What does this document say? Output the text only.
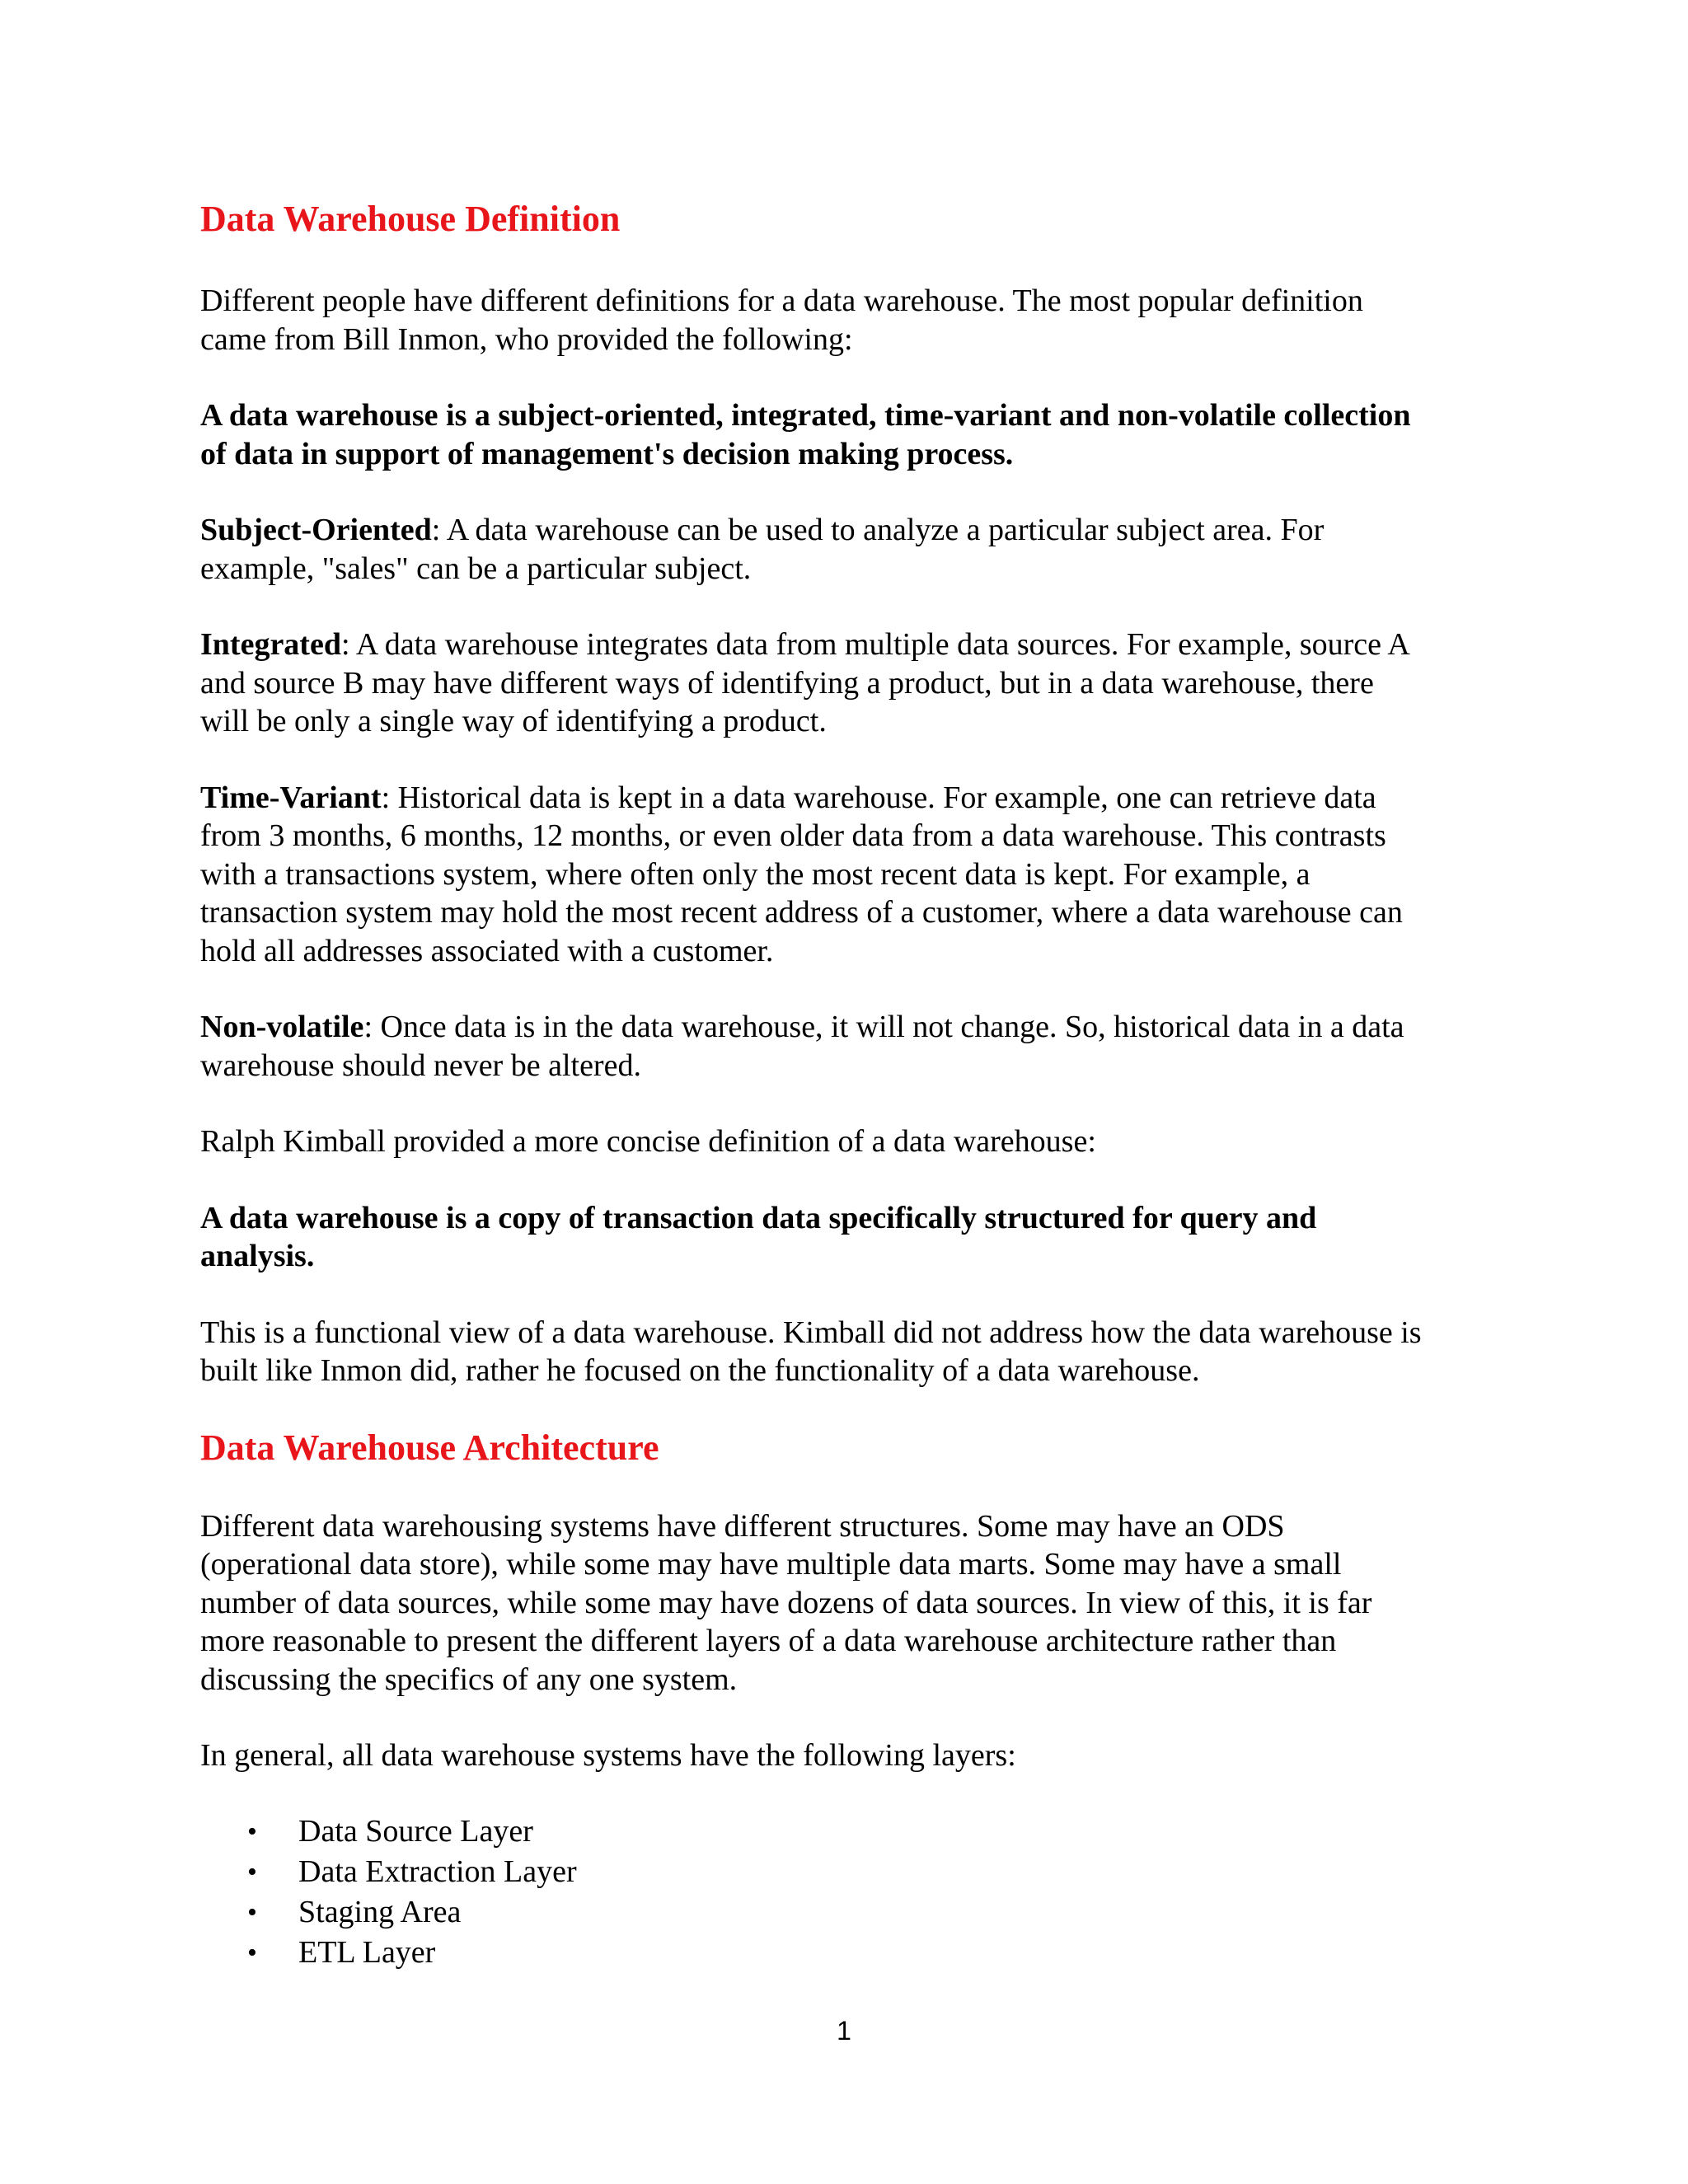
Data Warehouse Definition

Different people have different definitions for a data warehouse. The most popular definition
came from Bill Inmon, who provided the following:

A data warehouse is a subject-oriented, integrated, time-variant and non-volatile collection
of data in support of management's decision making process.

Subject-Oriented: A data warehouse can be used to analyze a particular subject area. For
example, "sales" can be a particular subject.

Integrated: A data warehouse integrates data from multiple data sources. For example, source A
and source B may have different ways of identifying a product, but in a data warehouse, there
will be only a single way of identifying a product.

Time-Variant: Historical data is kept in a data warehouse. For example, one can retrieve data
from 3 months, 6 months, 12 months, or even older data from a data warehouse. This contrasts
with a transactions system, where often only the most recent data is kept. For example, a
transaction system may hold the most recent address of a customer, where a data warehouse can
hold all addresses associated with a customer.

Non-volatile: Once data is in the data warehouse, it will not change. So, historical data in a data
warehouse should never be altered.

Ralph Kimball provided a more concise definition of a data warehouse:

A data warehouse is a copy of transaction data specifically structured for query and
analysis.

This is a functional view of a data warehouse. Kimball did not address how the data warehouse is
built like Inmon did, rather he focused on the functionality of a data warehouse.

Data Warehouse Architecture

Different data warehousing systems have different structures. Some may have an ODS
(operational data store), while some may have multiple data marts. Some may have a small
number of data sources, while some may have dozens of data sources. In view of this, it is far
more reasonable to present the different layers of a data warehouse architecture rather than
discussing the specifics of any one system.

In general, all data warehouse systems have the following layers:

• Data Source Layer
• Data Extraction Layer
• Staging Area
• ETL Layer
1
